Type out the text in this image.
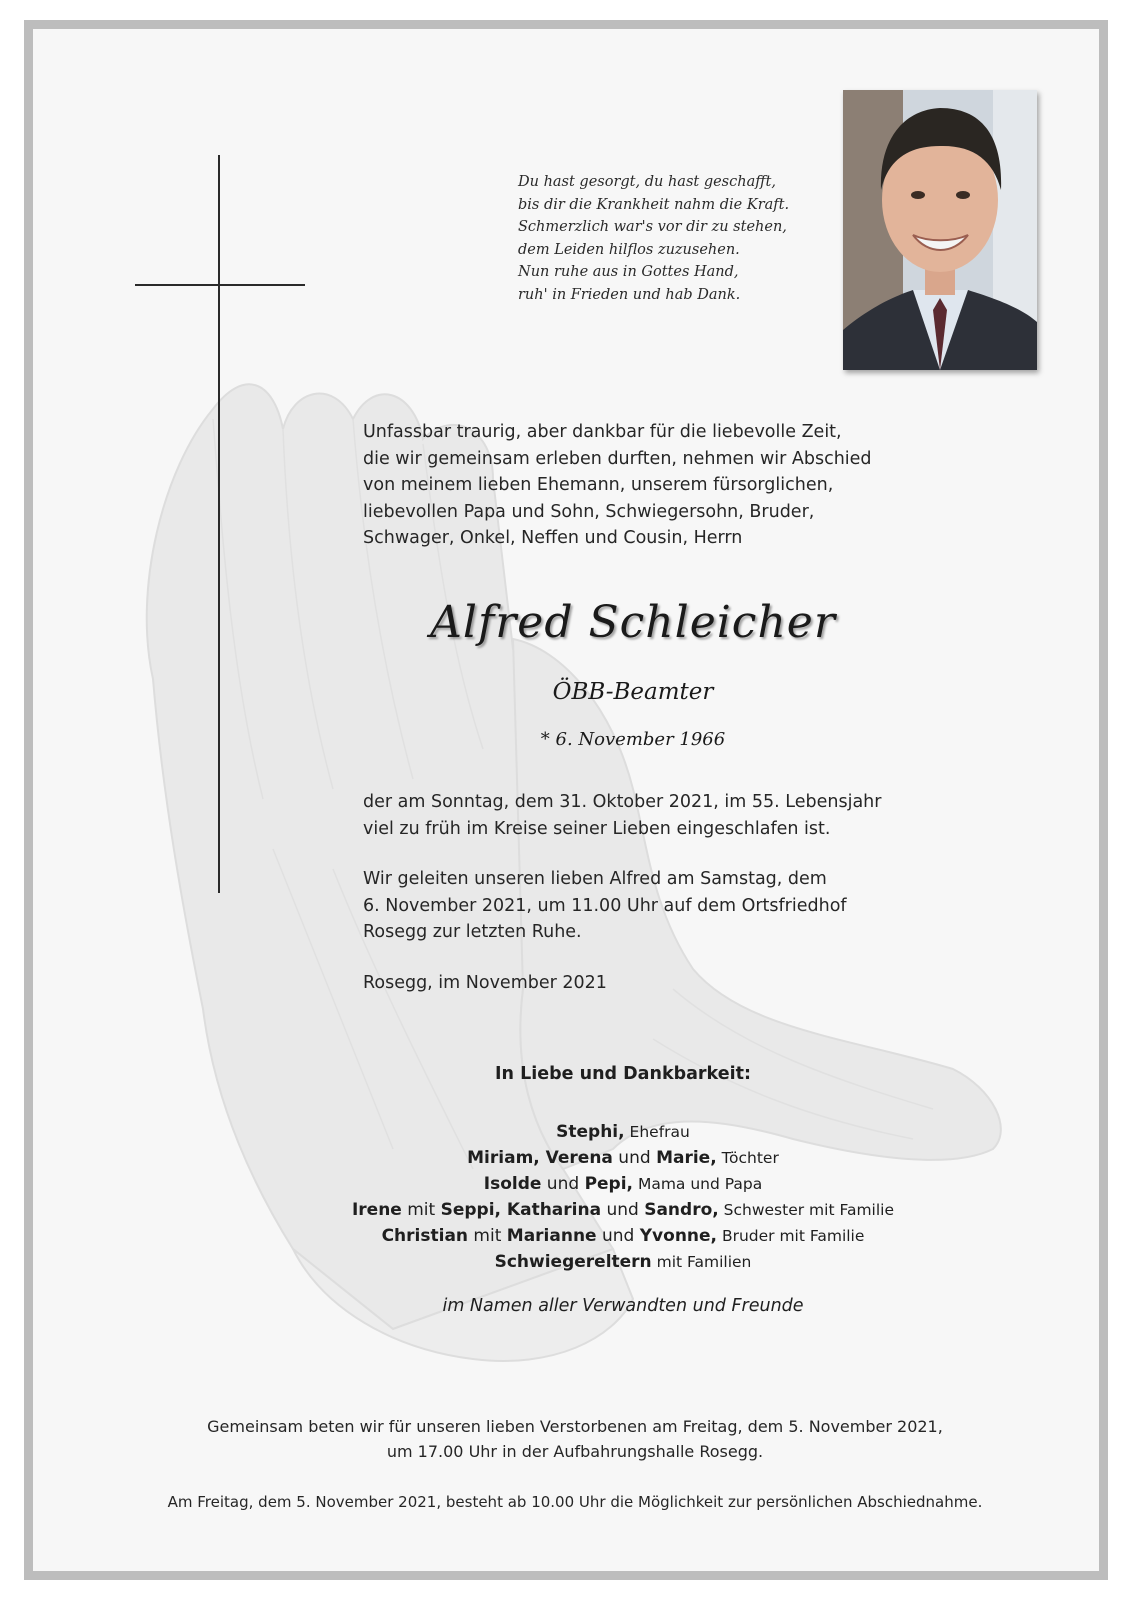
Du hast gesorgt, du hast geschafft,
bis dir die Krankheit nahm die Kraft.
Schmerzlich war's vor dir zu stehen,
dem Leiden hilflos zuzusehen.
Nun ruhe aus in Gottes Hand,
ruh' in Frieden und hab Dank.
Unfassbar traurig, aber dankbar für die liebevolle Zeit,
die wir gemeinsam erleben durften, nehmen wir Abschied
von meinem lieben Ehemann, unserem fürsorglichen,
liebevollen Papa und Sohn, Schwiegersohn, Bruder,
Schwager, Onkel, Neffen und Cousin, Herrn
Alfred Schleicher
ÖBB-Beamter
* 6. November 1966
der am Sonntag, dem 31. Oktober 2021, im 55. Lebensjahr
viel zu früh im Kreise seiner Lieben eingeschlafen ist.
Wir geleiten unseren lieben Alfred am Samstag, dem
6. November 2021, um 11.00 Uhr auf dem Ortsfriedhof
Rosegg zur letzten Ruhe.
Rosegg, im November 2021
In Liebe und Dankbarkeit:
Stephi, Ehefrau
Miriam, Verena und Marie, Töchter
Isolde und Pepi, Mama und Papa
Irene mit Seppi, Katharina und Sandro, Schwester mit Familie
Christian mit Marianne und Yvonne, Bruder mit Familie
Schwiegereltern mit Familien
im Namen aller Verwandten und Freunde
Gemeinsam beten wir für unseren lieben Verstorbenen am Freitag, dem 5. November 2021,
um 17.00 Uhr in der Aufbahrungshalle Rosegg.
Am Freitag, dem 5. November 2021, besteht ab 10.00 Uhr die Möglichkeit zur persönlichen Abschiednahme.
